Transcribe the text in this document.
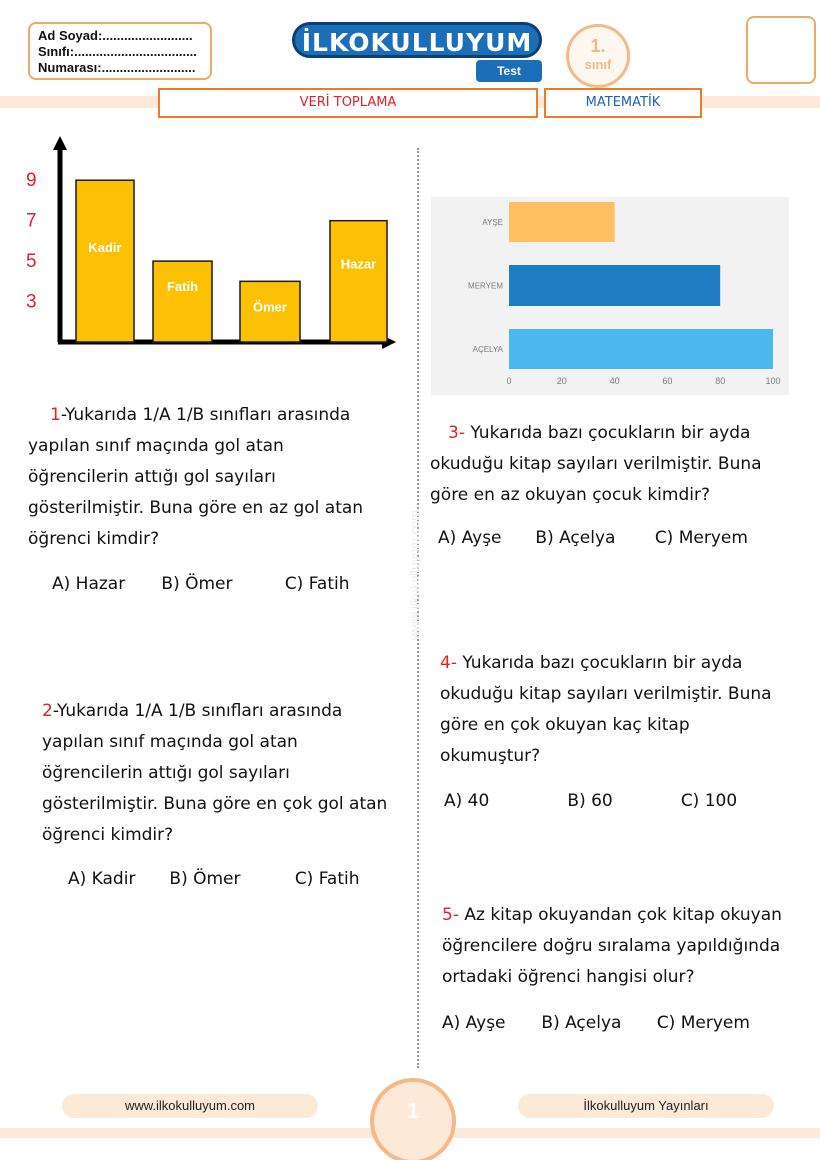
Ad Soyad:.........................
Sınıfı:..................................
Numarası:..........................
İLKOKULLUYUM
Test
1.
sınıf
VERİ TOPLAMA	MATEMATİK
www.ilkokulluyum.com
3
5
7
9
Kadir
Fatih
Ömer
Hazar
AYŞE
MERYEM
AÇELYA
0	20	40	60	80	100
1-Yukarıda 1/A 1/B sınıfları arasında yapılan sınıf maçında gol atan öğrencilerin attığı gol sayıları gösterilmiştir. Buna göre en az gol atan öğrenci kimdir?
A) Hazar B) Ömer	C) Fatih
2-Yukarıda 1/A 1/B sınıfları arasında yapılan sınıf maçında gol atan öğrencilerin attığı gol sayıları gösterilmiştir. Buna göre en çok gol atan öğrenci kimdir?
A) Kadir B) Ömer	C) Fatih
3- Yukarıda bazı çocukların bir ayda okuduğu kitap sayıları verilmiştir. Buna göre en az okuyan çocuk kimdir?
A) Ayşe B) Açelya C) Meryem
4- Yukarıda bazı çocukların bir ayda okuduğu kitap sayıları verilmiştir. Buna göre en çok okuyan kaç kitap okumuştur?
A) 40	B) 60	C) 100
5- Az kitap okuyandan çok kitap okuyan öğrencilere doğru sıralama yapıldığında ortadaki öğrenci hangisi olur?
A) Ayşe B) Açelya C) Meryem
www.ilkokulluyum.com	İlkokulluyum Yayınları
1
